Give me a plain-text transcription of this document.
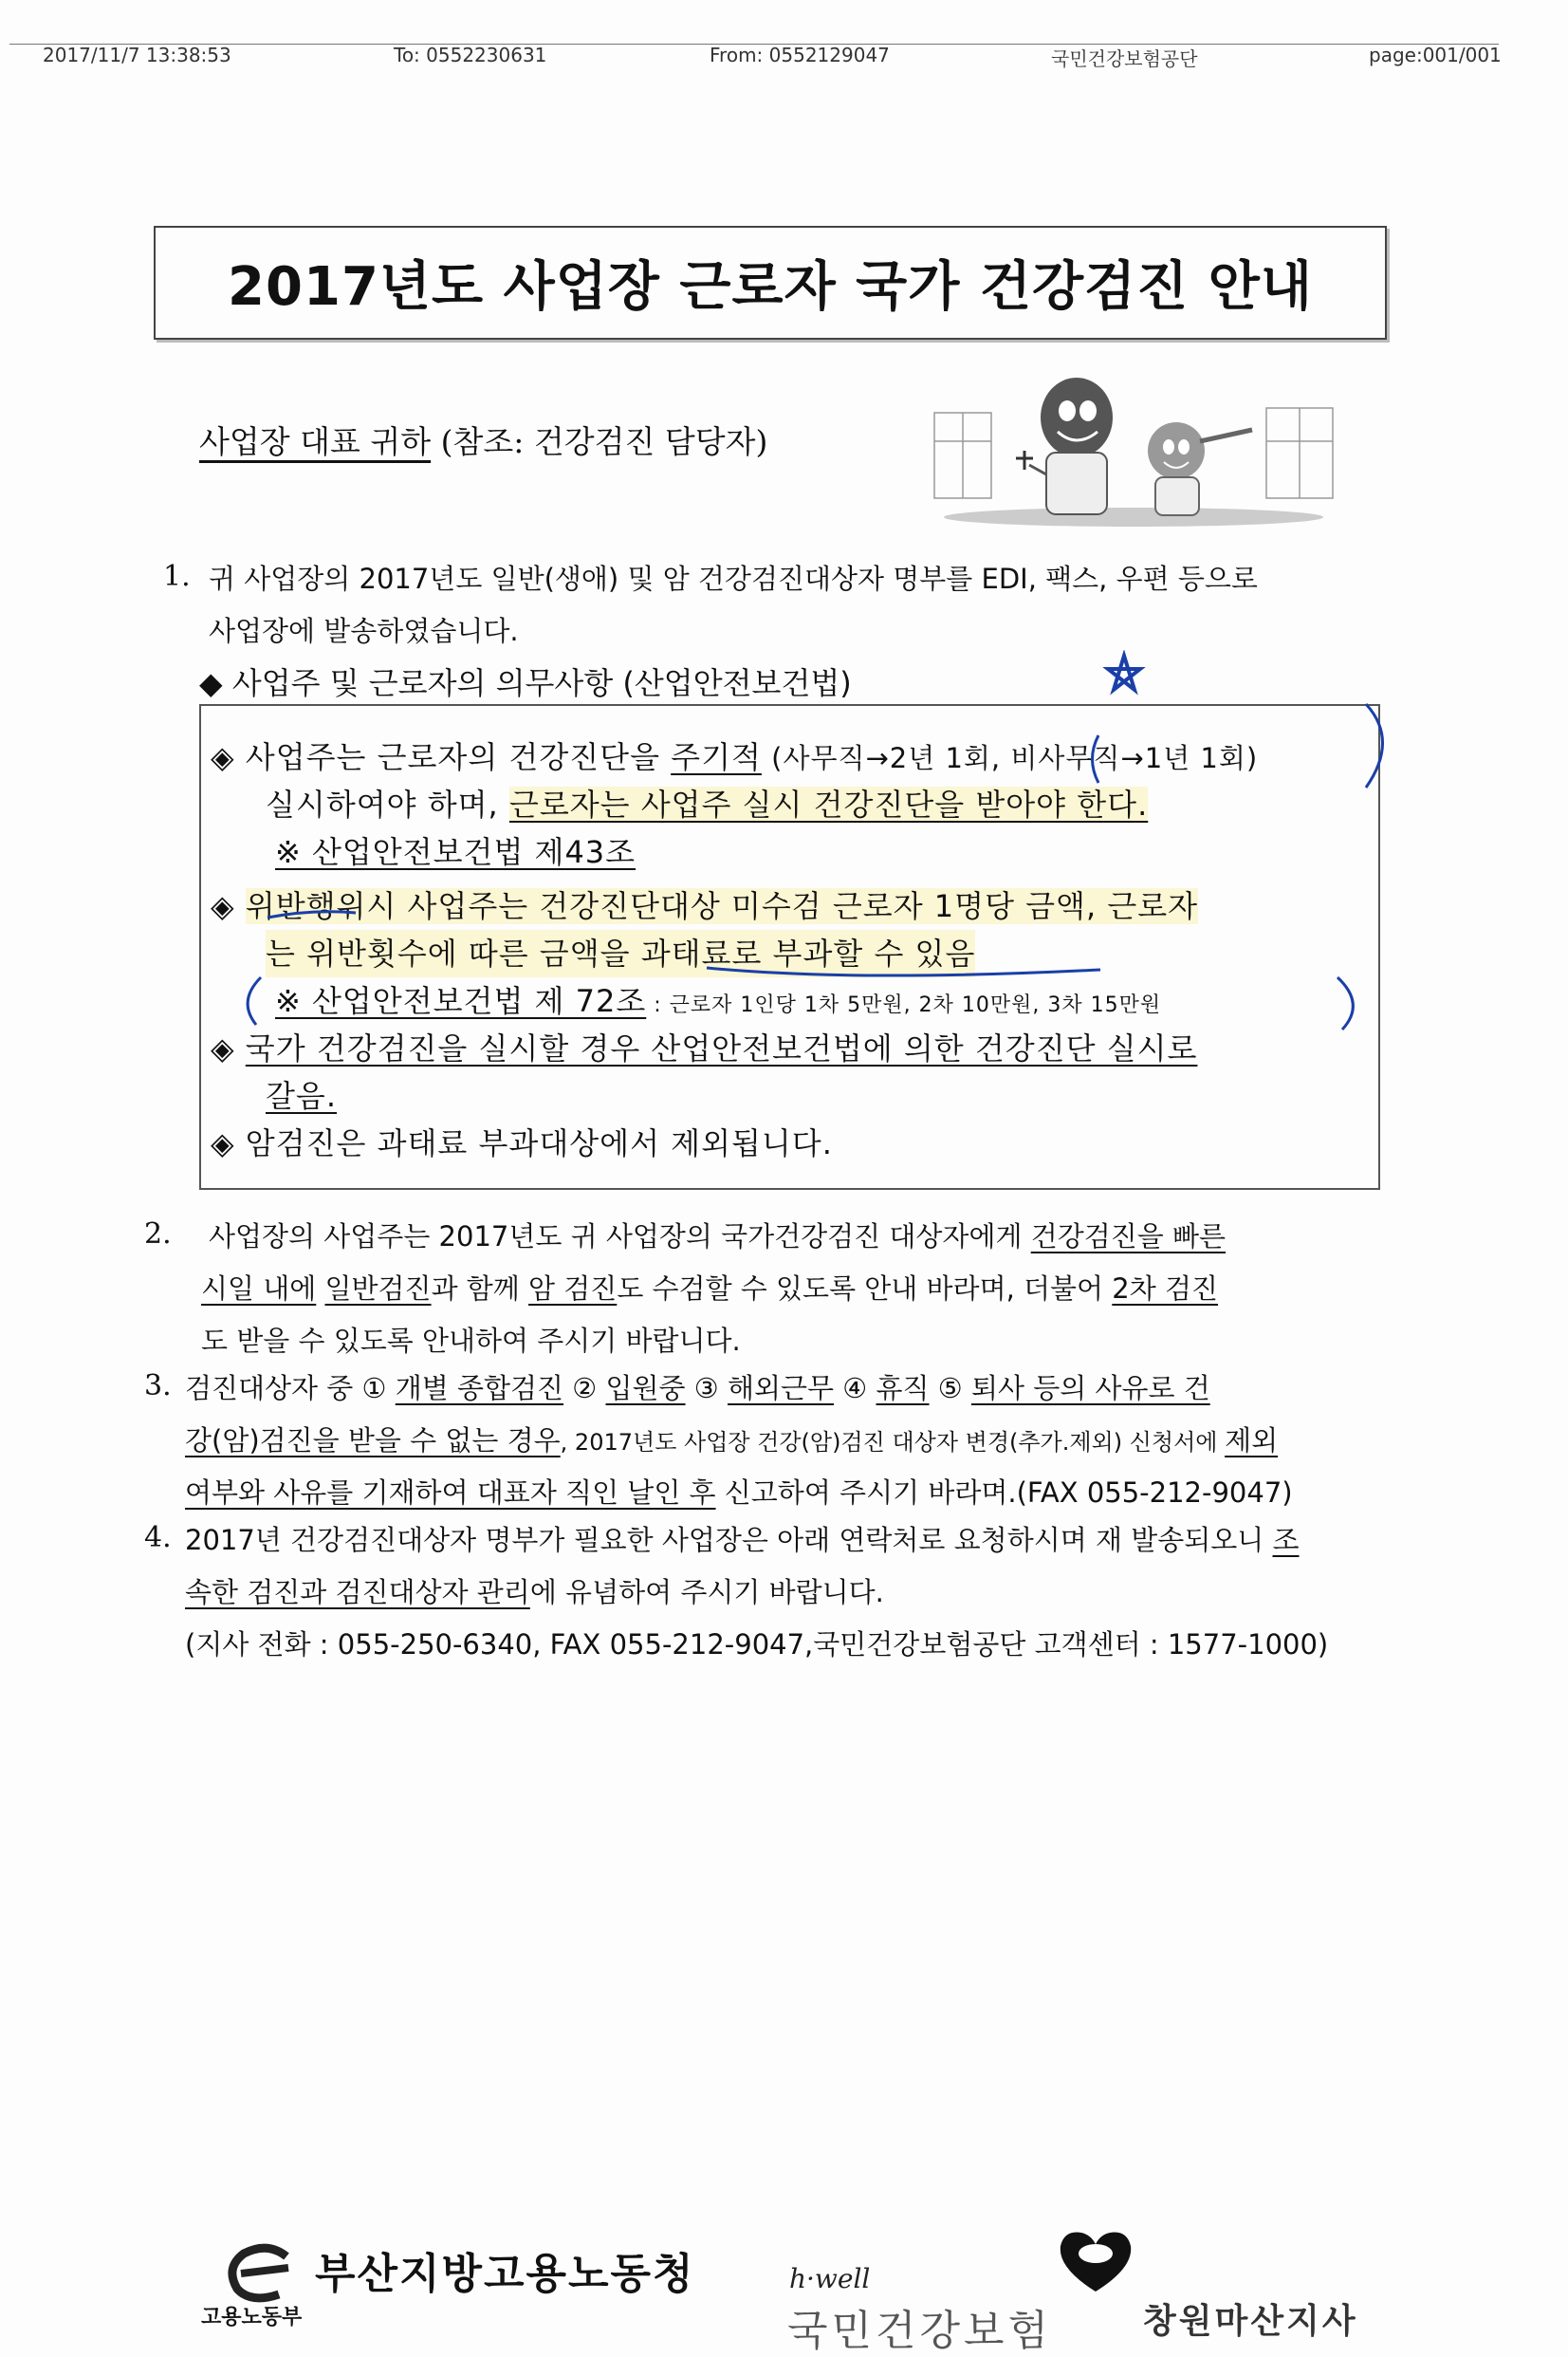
2017/11/7 13:38:53	To: 0552230631	From: 0552129047	국민건강보험공단	page:001/001
2017년도 사업장 근로자 국가 건강검진 안내
사업장 대표 귀하 (참조: 건강검진 담당자)
1. 귀 사업장의 2017년도 일반(생애) 및 암 건강검진대상자 명부를 EDI, 팩스, 우편 등으로
사업장에 발송하였습니다.
◆ 사업주 및 근로자의 의무사항 (산업안전보건법)
◈ 사업주는 근로자의 건강진단을 주기적 (사무직→2년 1회, 비사무직→1년 1회)
실시하여야 하며, 근로자는 사업주 실시 건강진단을 받아야 한다.
※ 산업안전보건법 제43조
◈ 위반행위시 사업주는 건강진단대상 미수검 근로자 1명당 금액, 근로자
는 위반횟수에 따른 금액을 과태료로 부과할 수 있음
※ 산업안전보건법 제 72조 : 근로자 1인당 1차 5만원, 2차 10만원, 3차 15만원
◈ 국가 건강검진을 실시할 경우 산업안전보건법에 의한 건강진단 실시로
갈음.
◈ 암검진은 과태료 부과대상에서 제외됩니다.
2. 사업장의 사업주는 2017년도 귀 사업장의 국가건강검진 대상자에게 건강검진을 빠른
시일 내에 일반검진과 함께 암 검진도 수검할 수 있도록 안내 바라며, 더불어 2차 검진
도 받을 수 있도록 안내하여 주시기 바랍니다.
3. 검진대상자 중 ① 개별 종합검진 ② 입원중 ③ 해외근무 ④ 휴직 ⑤ 퇴사 등의 사유로 건
강(암)검진을 받을 수 없는 경우, 2017년도 사업장 건강(암)검진 대상자 변경(추가.제외) 신청서에 제외
여부와 사유를 기재하여 대표자 직인 날인 후 신고하여 주시기 바라며.(FAX 055-212-9047)
4. 2017년 건강검진대상자 명부가 필요한 사업장은 아래 연락처로 요청하시며 재 발송되오니 조
속한 검진과 검진대상자 관리에 유념하여 주시기 바랍니다.
(지사 전화 : 055-250-6340, FAX 055-212-9047,국민건강보험공단 고객센터 : 1577-1000)
부산지방고용노동청
고용노동부
h·well
국민건강보험	창원마산지사
